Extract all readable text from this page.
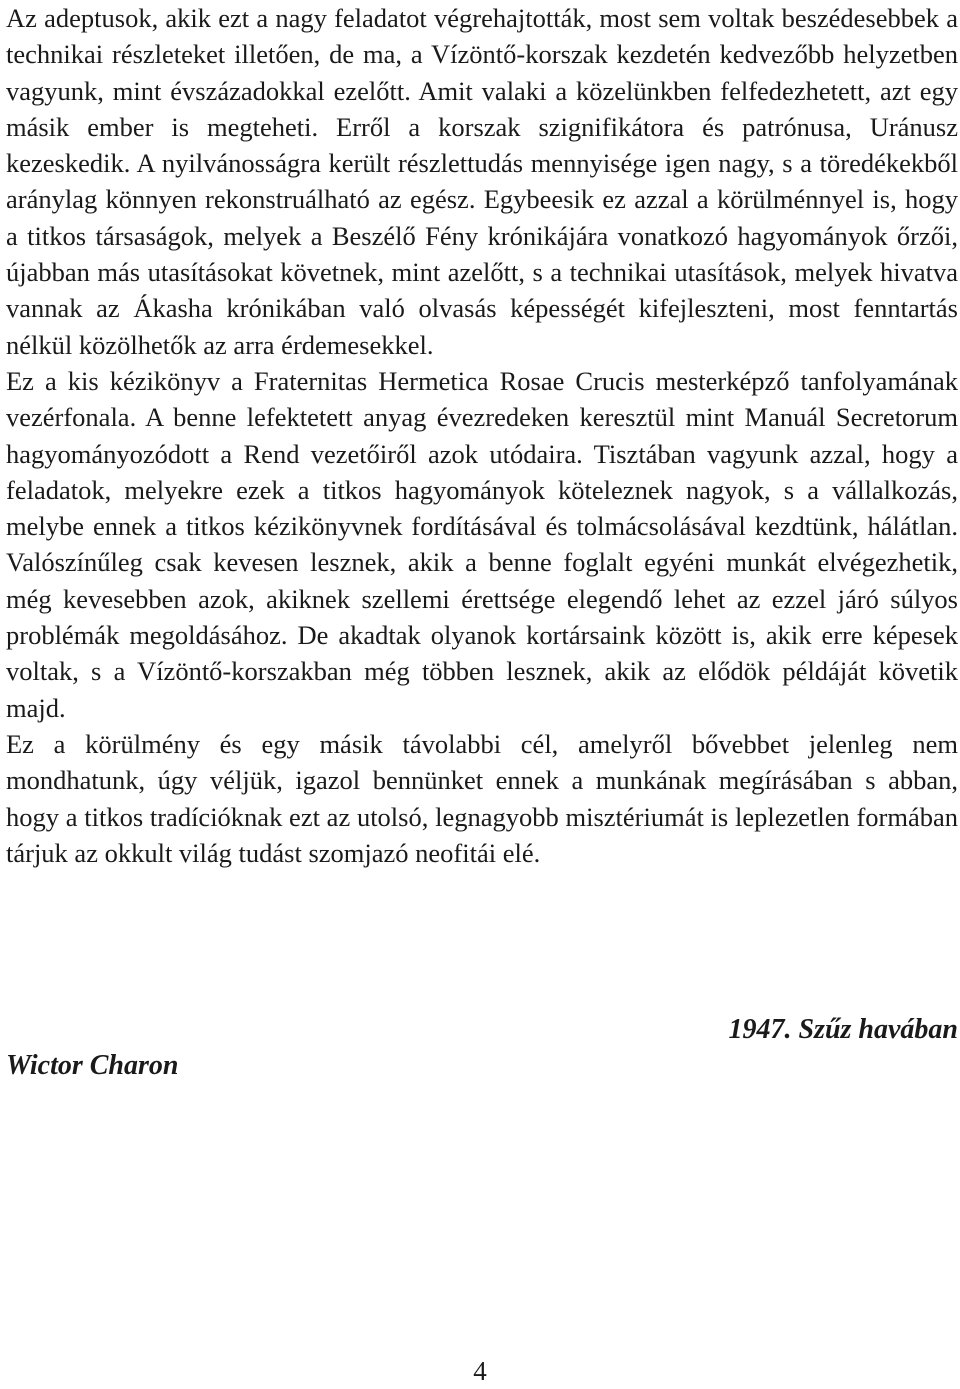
Az adeptusok, akik ezt a nagy feladatot végrehajtották, most sem voltak beszédesebbek a technikai részleteket illetően, de ma, a Vízöntő-korszak kezdetén kedvezőbb helyzetben vagyunk, mint évszázadokkal ezelőtt. Amit valaki a közelünkben felfedezhetett, azt egy másik ember is megteheti. Erről a korszak szignifikátora és patrónusa, Uránusz kezeskedik. A nyilvánosságra került részlettudás mennyisége igen nagy, s a töredékekből aránylag könnyen rekonstruálható az egész. Egybeesik ez azzal a körülménnyel is, hogy a titkos társaságok, melyek a Beszélő Fény krónikájára vonatkozó hagyományok őrzői, újabban más utasításokat követnek, mint azelőtt, s a technikai utasítások, melyek hivatva vannak az Ákasha krónikában való olvasás képességét kifejleszteni, most fenntartás nélkül közölhetők az arra érdemesekkel.

Ez a kis kézikönyv a Fraternitas Hermetica Rosae Crucis mesterképző tanfolyamának vezérfonala. A benne lefektetett anyag évezredeken keresztül mint Manuál Secretorum hagyományozódott a Rend vezetőiről azok utódaira. Tisztában vagyunk azzal, hogy a feladatok, melyekre ezek a titkos hagyományok köteleznek nagyok, s a vállalkozás, melybe ennek a titkos kézikönyvnek fordításával és tolmácsolásával kezdtünk, hálátlan. Valószínűleg csak kevesen lesznek, akik a benne foglalt egyéni munkát elvégezhetik, még kevesebben azok, akiknek szellemi érettsége elegendő lehet az ezzel járó súlyos problémák megoldásához. De akadtak olyanok kortársaink között is, akik erre képesek voltak, s a Vízöntő-korszakban még többen lesznek, akik az elődök példáját követik majd.

Ez a körülmény és egy másik távolabbi cél, amelyről bővebbet jelenleg nem mondhatunk, úgy véljük, igazol bennünket ennek a munkának megírásában s abban, hogy a titkos tradícióknak ezt az utolsó, legnagyobb misztériumát is leplezetlen formában tárjuk az okkult világ tudást szomjazó neofitái elé.

1947. Szűz havában

Wictor Charon

4
